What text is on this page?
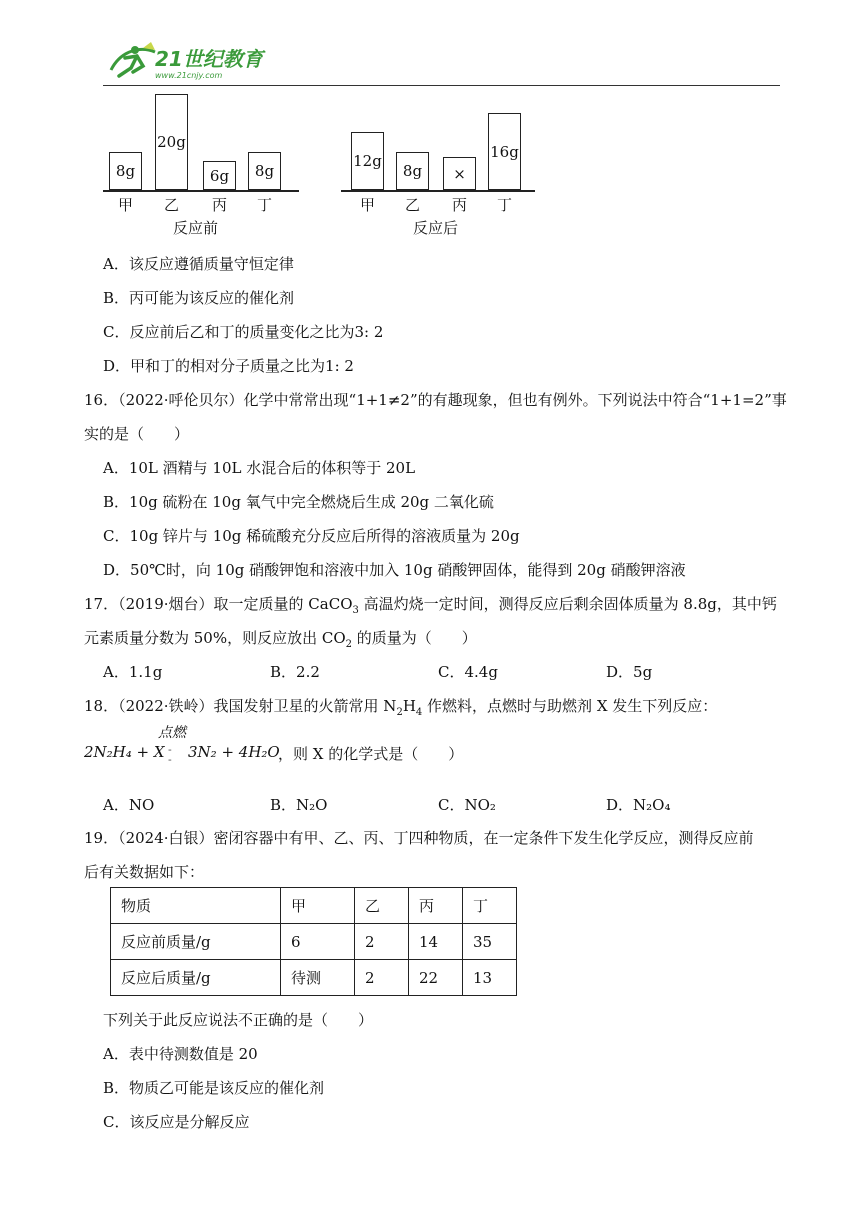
21世纪教育
www.21cnjy.com
8g
甲
20g
乙
6g
丙
8g
丁
反应前
12g
甲
8g
乙
×
丙
16g
丁
反应后
A．该反应遵循质量守恒定律
B．丙可能为该反应的催化剂
C．反应前后乙和丁的质量变化之比为3: 2
D．甲和丁的相对分子质量之比为1: 2
16．（2022·呼伦贝尔）化学中常常出现“1+1≠2”的有趣现象，但也有例外。下列说法中符合“1+1=2”事
实的是（　　）
A．10L 酒精与 10L 水混合后的体积等于 20L
B．10g 硫粉在 10g 氧气中完全燃烧后生成 20g 二氧化硫
C．10g 锌片与 10g 稀硫酸充分反应后所得的溶液质量为 20g
D．50℃时，向 10g 硝酸钾饱和溶液中加入 10g 硝酸钾固体，能得到 20g 硝酸钾溶液
17．（2019·烟台）取一定质量的 CaCO$_3$ 高温灼烧一定时间，测得反应后剩余固体质量为 8.8g，其中钙
元素质量分数为 50%，则反应放出 $CO_2$ 的质量为（　　）
A．1.1g	B．2.2	C．4.4g	D．5g
18．（2022·铁岭）我国发射卫星的火箭常用 $N_2H_4$ 作燃料，点燃时与助燃剂 X 发生下列反应：
点燃
2N₂H₄ + X -
- 3N₂ + 4H₂O
，则 X 的化学式是（　　）
A．NO	B．N₂O	C．NO₂	D．N₂O₄
19．（2024·白银）密闭容器中有甲、乙、丙、丁四种物质，在一定条件下发生化学反应，测得反应前
后有关数据如下：
物质	甲	乙	丙	丁
反应前质量/g	6	2	14	35
反应后质量/g	待测	2	22	13
下列关于此反应说法不正确的是（　　）
A．表中待测数值是 20
B．物质乙可能是该反应的催化剂
C．该反应是分解反应
